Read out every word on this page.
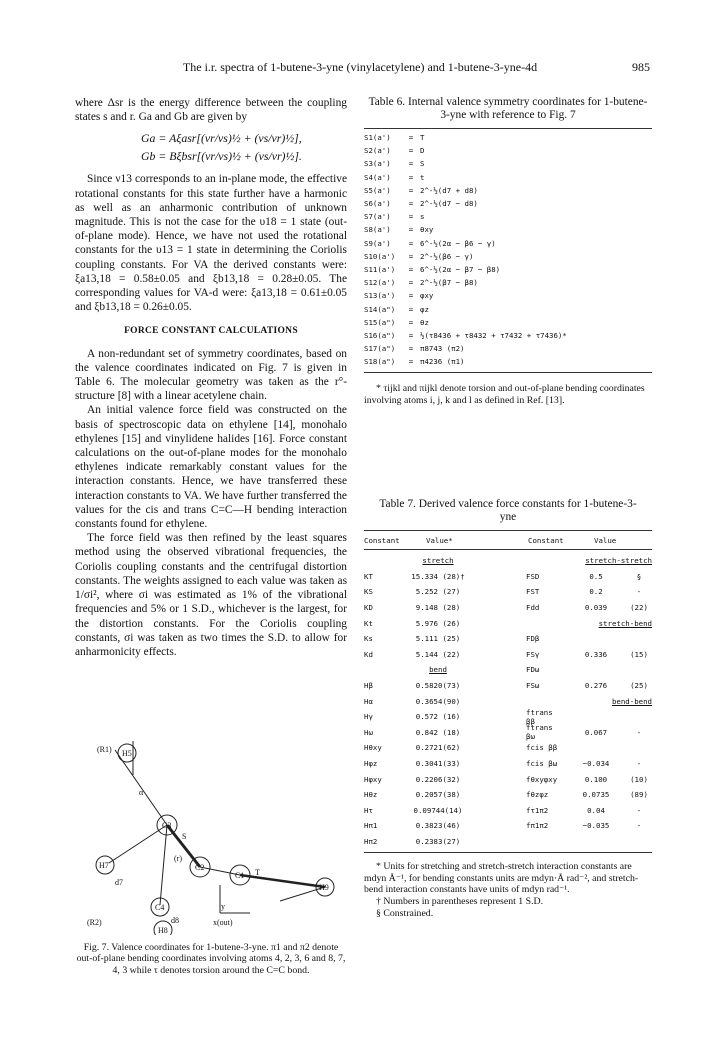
The i.r. spectra of 1-butene-3-yne (vinylacetylene) and 1-butene-3-yne-4d	985

where Δsr is the energy difference between the coupling states s and r. Ga and Gb are given by

Ga = Aξasr[(νr/νs)½ + (νs/νr)½],
Gb = Bξbsr[(νr/νs)½ + (νs/νr)½].

Since ν13 corresponds to an in-plane mode, the effective rotational constants for this state further have a harmonic as well as an anharmonic contribution of unknown magnitude. This is not the case for the υ18 = 1 state (out-of-plane mode). Hence, we have not used the rotational constants for the υ13 = 1 state in determining the Coriolis coupling constants. For VA the derived constants were: ξa13,18 = 0.58±0.05 and ξb13,18 = 0.28±0.05. The corresponding values for VA-d were: ξa13,18 = 0.61±0.05 and ξb13,18 = 0.26±0.05.

FORCE CONSTANT CALCULATIONS

A non-redundant set of symmetry coordinates, based on the valence coordinates indicated on Fig. 7 is given in Table 6. The molecular geometry was taken as the r°-structure [8] with a linear acetylene chain.

An initial valence force field was constructed on the basis of spectroscopic data on ethylene [14], monohalo ethylenes [15] and vinylidene halides [16]. Force constant calculations on the out-of-plane modes for the monohalo ethylenes indicate remarkably constant values for the interaction constants. Hence, we have transferred these interaction constants to VA. We have further transferred the values for the cis and trans C=C—H bending interaction constants found for ethylene.

The force field was then refined by the least squares method using the observed vibrational frequencies, the Coriolis coupling constants and the centrifugal distortion constants. The weights assigned to each value was taken as 1/σi², where σi was estimated as 1% of the vibrational frequencies and 5% or 1 S.D., whichever is the largest, for the distortion constants. For the Coriolis coupling constants, σi was taken as two times the S.D. to allow for anharmonicity effects.

(R1) H5
C3
C2
C1
H9
H7
C4
H8
α
S
T
y
x(out)
d7
d8
(r)
(R2)
Fig. 7. Valence coordinates for 1-butene-3-yne. π1 and π2 denote out-of-plane bending coordinates involving atoms 4, 2, 3, 6 and 8, 7, 4, 3 while τ denotes torsion around the C=C bond.
Table 6. Internal valence symmetry coordinates for 1-butene-3-yne with reference to Fig. 7
S1(a')	= T
S2(a')	= D
S3(a')	= S
S4(a')	= t
S5(a')	= 2^-½(d7 + d8)
S6(a')	= 2^-½(d7 − d8)
S7(a')	= s
S8(a')	= θxy
S9(a')	= 6^-½(2α − β6 − γ)
S10(a')	= 2^-½(β6 − γ)
S11(a')	= 6^-½(2α − β7 − β8)
S12(a')	= 2^-½(β7 − β8)
S13(a')	= φxy
S14(a")	= φz
S15(a")	= θz
S16(a")	= ½(τ8436 + τ8432 + τ7432 + τ7436)*
S17(a")	= π8743 (π2)
S18(a")	= π4236 (π1)

* τijkl and πijkl denote torsion and out-of-plane bending coordinates involving atoms i, j, k and l as defined in Ref. [13].

Table 7. Derived valence force constants for 1-butene-3-yne
Constant	Value*	Constant	Value
stretch
KT	15.334 (28)†
KS	5.252 (27)
KD	9.148 (28)
Kt	5.976 (26)
Ks	5.111 (25)
Kd	5.144 (22)
bend
Hβ	0.5820(73)
Hα	0.3654(90)
Hγ	0.572 (16)
Hω	0.842 (18)
Hθxy	0.2721(62)
Hφz	0.3041(33)
Hφxy	0.2206(32)
Hθz	0.2057(38)
Hτ	0.09744(14)
Hπ1	0.3823(46)
Hπ2	0.2383(27)
stretch-stretch
FSD	0.5	§
FST	0.2	-
Fdd	0.039	(22)
stretch-bend
FDβ
FSγ	0.336	(15)
FDω
FSω	0.276	(25)
bend-bend
ftrans ββ
ftrans βω	0.067	-
fcis ββ
fcis βω	−0.034	-
fθxyφxy	0.100	(10)
fθzφz	0.0735	(89)
fτ1π2	0.04	-
fπ1π2	−0.035	-

* Units for stretching and stretch-stretch interaction constants are mdyn Å⁻¹, for bending constants units are mdyn·Å rad⁻², and stretch-bend interaction constants have units of mdyn rad⁻¹.

† Numbers in parentheses represent 1 S.D.

§ Constrained.
